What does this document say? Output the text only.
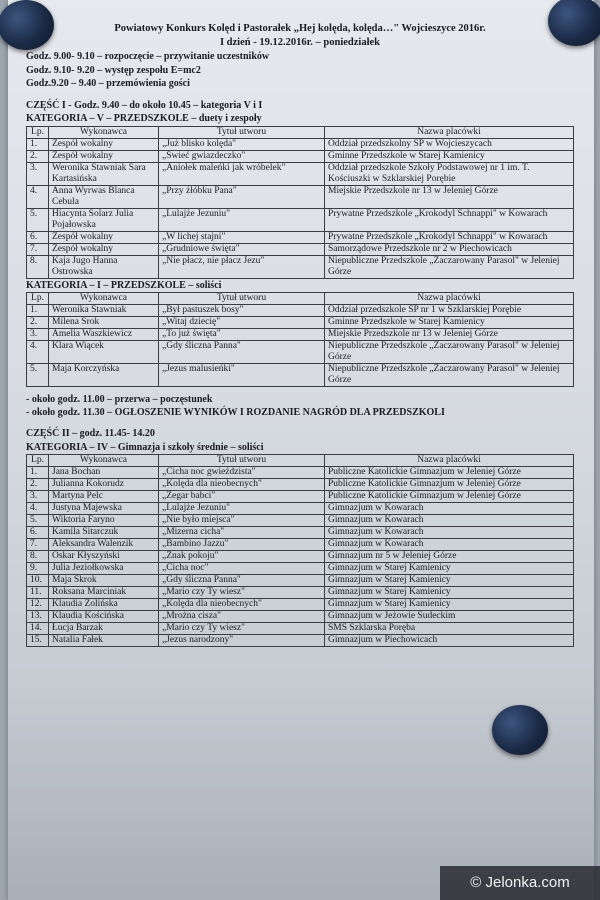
Powiatowy Konkurs Kolęd i Pastorałek „Hej kolęda, kolęda…" Wojcieszyce 2016r.
I dzień - 19.12.2016r. – poniedziałek
Godz. 9.00- 9.10 – rozpoczęcie – przywitanie uczestników
Godz. 9.10- 9.20 – występ zespołu E=mc2
Godz.9.20 – 9.40 – przemówienia gości
CZĘŚĆ I - Godz. 9.40 – do około 10.45 – kategoria V i I
KATEGORIA – V – PRZEDSZKOLE – duety i zespoły
Lp.	Wykonawca	Tytuł utworu	Nazwa placówki
1.	Zespół wokalny	„Już blisko kolęda"	Oddział przedszkolny SP w Wojcieszycach
2.	Zespół wokalny	„Świeć gwiazdeczko"	Gminne Przedszkole w Starej Kamienicy
3.	Weronika Stawniak Sara Kartasińska	„Aniołek maleńki jak wróbelek"	Oddział przedszkole Szkoły Podstawowej nr 1 im. T. Kościuszki w Szklarskiej Porębie
4.	Anna Wyrwas Blanca Cebula	„Przy żłóbku Pana"	Miejskie Przedszkole nr 13 w Jeleniej Górze
5.	Hiacynta Solarz Julia Pojałowska	„Lulajże Jezuniu"	Prywatne Przedszkole „Krokodyl Schnappi" w Kowarach
6.	Zespół wokalny	„W lichej stajni"	Prywatne Przedszkole „Krokodyl Schnappi" w Kowarach
7.	Zespół wokalny	„Grudniowe święta"	Samorządowe Przedszkole nr 2 w Piechowicach
8.	Kaja Jugo Hanna Ostrowska	„Nie płacz, nie płacz Jezu"	Niepubliczne Przedszkole „Zaczarowany Parasol" w Jeleniej Górze
KATEGORIA – I – PRZEDSZKOLE – soliści
Lp.	Wykonawca	Tytuł utworu	Nazwa placówki
1.	Weronika Stawniak	„Był pastuszek bosy"	Oddział przedszkole SP nr 1 w Szklarskiej Porębie
2.	Milena Srok	„Witaj dziecię"	Gminne Przedszkole w Starej Kamienicy
3.	Amelia Waszkiewicz	„To już święta"	Miejskie Przedszkole nr 13 w Jeleniej Górze
4.	Klara Wiącek	„Gdy śliczna Panna"	Niepubliczne Przedszkole „Zaczarowany Parasol" w Jeleniej Górze
5.	Maja Korczyńska	„Jezus malusieńki"	Niepubliczne Przedszkole „Zaczarowany Parasol" w Jeleniej Górze
- około godz. 11.00 – przerwa – poczęstunek
- około godz. 11.30 – OGŁOSZENIE WYNIKÓW I ROZDANIE NAGRÓD DLA PRZEDSZKOLI
CZĘŚĆ II – godz. 11.45- 14.20
KATEGORIA – IV – Gimnazja i szkoły średnie – soliści
Lp.	Wykonawca	Tytuł utworu	Nazwa placówki
1.	Jana Bochan	„Cicha noc gwieździsta"	Publiczne Katolickie Gimnazjum w Jeleniej Górze
2.	Julianna Kokorudz	„Kolęda dla nieobecnych"	Publiczne Katolickie Gimnazjum w Jeleniej Górze
3.	Martyna Pelc	„Zegar babci"	Publiczne Katolickie Gimnazjum w Jeleniej Górze
4.	Justyna Majewska	„Lulajże Jezuniu"	Gimnazjum w Kowarach
5.	Wiktoria Faryno	„Nie było miejsca"	Gimnazjum w Kowarach
6.	Kamila Sitarczuk	„Mizerna cicha"	Gimnazjum w Kowarach
7.	Aleksandra Walenzik	„Bambino Jazzu"	Gimnazjum w Kowarach
8.	Oskar Kłyszyński	„Znak pokoju"	Gimnazjum nr 5 w Jeleniej Górze
9.	Julia Jeziołkowska	„Cicha noc"	Gimnazjum w Starej Kamienicy
10.	Maja Skrok	„Gdy śliczna Panna"	Gimnazjum w Starej Kamienicy
11.	Roksana Marciniak	„Mario czy Ty wiesz"	Gimnazjum w Starej Kamienicy
12.	Klaudia Żolińska	„Kolęda dla nieobecnych"	Gimnazjum w Starej Kamienicy
13.	Klaudia Kościńska	„Mrożna cisza"	Gimnazjum w Jeżowie Sudeckim
14.	Łucja Barzak	„Mario czy Ty wiesz"	SMS Szklarska Poręba
15.	Natalia Fałek	„Jezus narodzony"	Gimnazjum w Piechowicach
© Jelonka.com
